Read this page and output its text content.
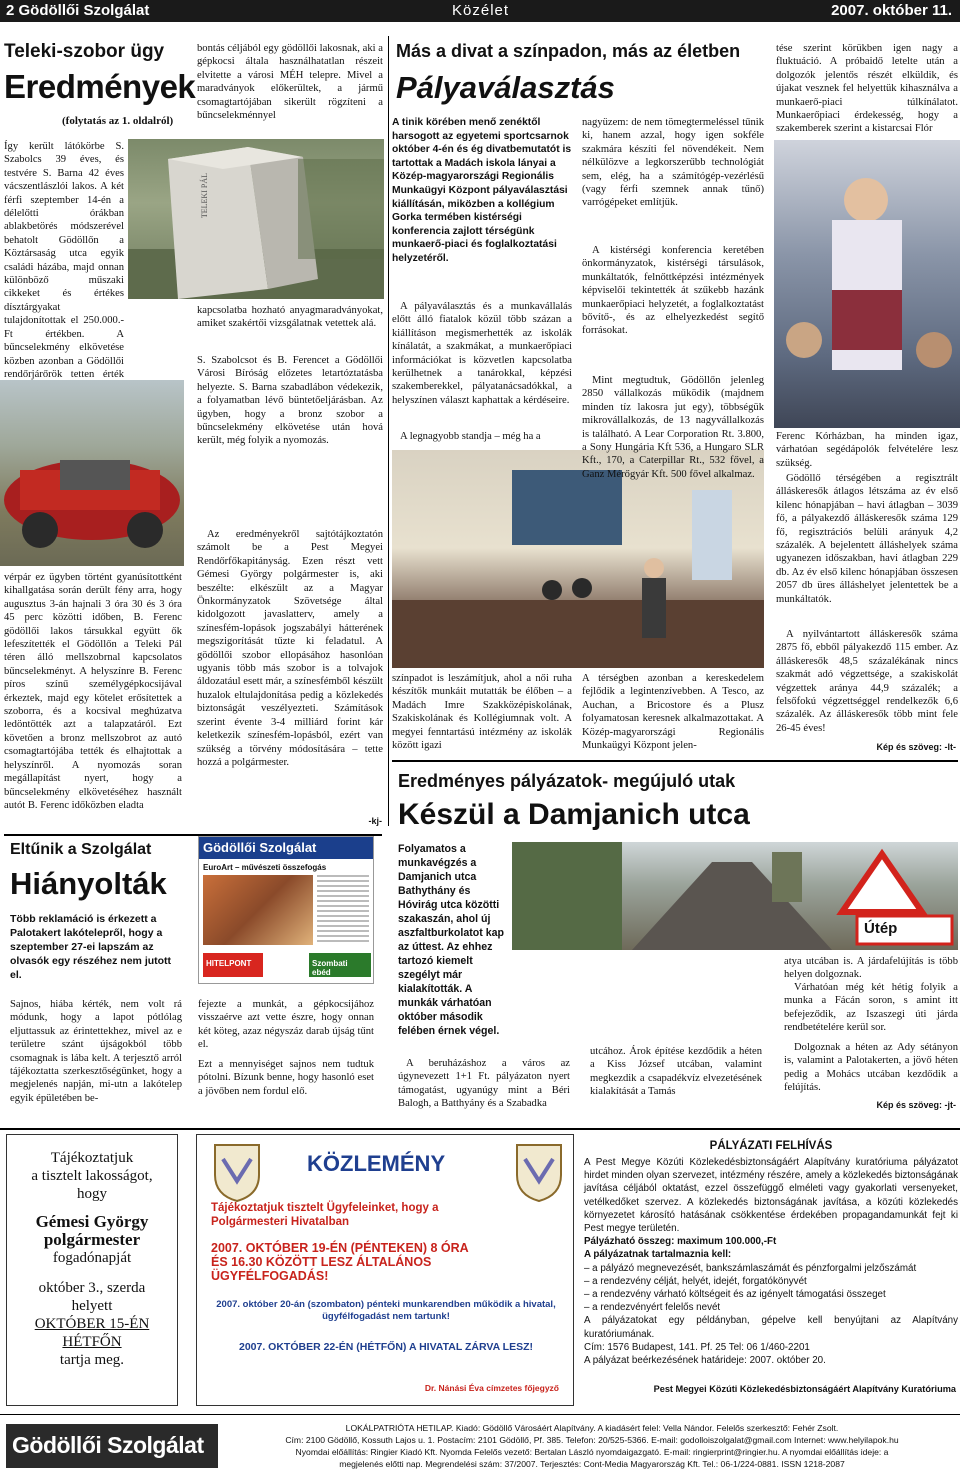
2 Gödöllői Szolgálat	Közélet	2007. október 11.
Teleki-szobor ügy
Eredmények
(folytatás az 1. oldalról)
TELEKI PÁL
Így került látókörbe S. Szabolcs 39 éves, és testvére S. Barna 42 éves vácszentlászlói lakos. A két férfi szeptember 14-én a délelőtti órákban ablakbetörés módszerével behatolt Gödöllőn a Köztársaság utca egyik családi házába, majd onnan különböző műszaki cikkeket és értékes dísztárgyakat tulajdonítottak el 250.000.-Ft értékben. A bűncselekmény elkövetése közben azonban a Gödöllői rendőrjárőrök tetten érték
vérpár ez ügyben történt gyanúsítottként kihallgatása során derült fény arra, hogy augusztus 3-án hajnali 3 óra 30 és 3 óra 45 perc közötti időben, B. Ferenc gödöllői lakos társukkal együtt ők lefeszítették el Gödöllőn a Teleki Pál téren álló mellszobrnal kapcsolatos bűncselekményt. A helyszínre B. Ferenc píros színű személygépkocsijával érkeztek, majd egy kötelet erősítettek a szoborra, és a kocsival meghúzatva ledöntötték azt a talapzatáról. Ezt követően a bronz mellszobrot az autó csomagtartójába tették és elhajtottak a helyszínről. A nyomozás soran megállapítást nyert, hogy a bűncselekmény elkövetéséhez használt autót B. Ferenc időközben eladta
bontás céljából egy gödöllői lakosnak, aki a gépkocsi általa használhatatlan részeit elvitette a városi MÉH telepre. Mivel a maradványok előkerültek, a jármű csomagtartójában sikerült rögzíteni a bűncselekménnyel
kapcsolatba hozható anyagmaradványokat, amiket szakértői vizsgálatnak vetettek alá.
S. Szabolcsot és B. Ferencet a Gödöllői Városi Bíróság előzetes letartóztatásba helyezte. S. Barna szabadlábon védekezik, a folyamatban lévő büntetőeljárásban. Az ügyben, hogy a bronz szobor a bűncselekmény elkövetése után hová került, még folyik a nyomozás.
Az eredményekről sajtótájkoztatón számolt be a Pest Megyei Rendőrfőkapitányság. Ezen részt vett Gémesi György polgármester is, aki beszélte: elkészült az a Magyar Önkormányzatok Szövetsége által kidolgozott javaslatterv, amely a színesfém-lopások jogszabályi hátterének megszigorítását tűzte ki feladatul. A gödöllői szobor ellopásához hasonlóan ugyanis több más szobor is a tolvajok áldozatául esett már, a színesfémből készült huzalok eltulajdonítása pedig a közlekedés biztonságát veszélyezteti. Számítások szerint évente 3-4 milliárd forint kár keletkezik színesfém-lopásból, ezért van szükség a törvény módosítására – tette hozzá a polgármester.
-kj-
Eltűnik a Szolgálat
Hiányolták
Több reklamáció is érkezett a Palotakert lakótelepről, hogy a szeptember 27-ei lapszám az olvasók egy részéhez nem jutott el.
Sajnos, hiába kérték, nem volt rá módunk, hogy a lapot pótlólag eljuttassuk az érintettekhez, mivel az e területre szánt újságokból több csomagnak is lába kelt. A terjesztő arról tájékoztatta szerkesztőségünket, hogy a megjelenés napján, mi-utn a lakótelep egyik épületében be-
Gödöllői Szolgálat
EuroArt – művészeti összefogás
HITELPONT	Szombati ebéd
fejezte a munkát, a gépkocsijához visszaérve azt vette észre, hogy onnan két köteg, azaz négyszáz darab újság tűnt el.
Ezt a mennyiséget sajnos nem tudtuk pótolni. Bízunk benne, hogy hasonló eset a jövőben nem fordul elő.
Más a divat a színpadon, más az életben
Pályaválasztás
A tinik körében menő zenéktől harsogott az egyetemi sportcsarnok október 4-én és ég divatbemutatót is tartottak a Madách iskola lányai a Közép-magyarországi Regionális Munkaügyi Központ pályaválasztási kiállításán, miközben a kollégium Gorka termében kistérségi konferencia zajlott térségünk munkaerő-piaci és foglalkoztatási helyzetéről.
A pályaválasztás és a munkavállalás előtt álló fiatalok közül több százan a kiállításon megismerhették az iskolák kínálatát, a szakmákat, a munkaerőpiaci információkat is közvetlen kapcsolatba kerülhetnek a tanárokkal, képzési szakemberekkel, pályatanácsadókkal, a helyszínen választ kaphattak a kérdéseire.
A legnagyobb standja – még ha a
színpadot is leszámítjuk, ahol a női ruha készítők munkáit mutatták be élőben – a Madách Imre Szakközépiskolának, Szakiskolának és Kollégiumnak volt. A megyei fenntartású intézmény az iskolák között igazi
nagyüzem: de nem tömegtermeléssel tűnik ki, hanem azzal, hogy igen sokféle szakmára készíti fel növendékeit. Nem nélkülözve a legkorszerűbb technológiát sem, elég, ha a számítógép-vezérlésű (vagy férfi szemnek annak tűnő) varrógépeket említjük.
A kistérségi konferencia keretében önkormányzatok, kistérségi társulások, munkáltatók, felnőttképzési intézmények képviselői tekintették át szűkebb hazánk munkaerőpiaci helyzetét, a foglalkoztatást bővítő-, és az elhelyezkedést segítő forrásokat.
Mint megtudtuk, Gödöllőn jelenleg 2850 vállalkozás működik (majdnem minden tíz lakosra jut egy), többségük mikrovállalkozás, de 13 nagyvállalkozás is található. A Lear Corporation Rt. 3.800, a Sony Hungária Kft 536, a Hungaro SLR Kft., 170, a Caterpillar Rt., 532 fővel, a Ganz Mérőgyár Kft. 500 fővel alkalmaz.
A térségben azonban a kereskedelem fejlődik a legintenzívebben. A Tesco, az Auchan, a Bricostore és a Plusz folyamatosan keresnek alkalmazottakat. A Közép-magyarországi Regionális Munkaügyi Központ jelen-
tése szerint körükben igen nagy a fluktuáció. A próbaidő letelte után a dolgozók jelentős részét elküldik, és újakat vesznek fel helyettük kihasználva a munkaerő-piaci túlkínálatot. Munkaerőpiaci érdekesség, hogy a szakemberek szerint a kistarcsai Flór
Ferenc Kórházban, ha minden igaz, várhatóan segédápolók felvételére lesz szükség.
Gödöllő térségében a regisztrált álláskeresők átlagos létszáma az év első kilenc hónapjában – havi átlagban – 3039 fő, a pályakezdő álláskeresők száma 129 fő, regisztrációs belüli arányuk 4,2 százalék. A bejelentett álláshelyek száma ugyanezen időszakban, havi átlagban 229 db. Az év első kilenc hónapjában összesen 2057 db üres álláshelyet jelentettek be a munkáltatók.
A nyilvántartott álláskeresők száma 2875 fő, ebből pályakezdő 115 ember. Az álláskeresők 48,5 százalékának nincs szakmát adó végzettsége, a szakiskolát végzettek aránya 44,9 százalék; a felsőfokú végzettséggel rendelkezők 6,6 százalék. Az álláskeresők több mint fele 26-45 éves!
Kép és szöveg: -lt-
Eredményes pályázatok- megújuló utak
Készül a Damjanich utca
Folyamatos a munkavégzés a Damjanich utca Bathythány és Hóvirág utca közötti szakaszán, ahol új aszfaltburkolatot kap az úttest. Az ehhez tartozó kiemelt szegélyt már kialakították. A munkák várhatóan október második felében érnek végel.
Útép
A beruházáshoz a város az úgynevezett 1+1 Ft. pályázaton nyert támogatást, ugyanúgy mint a Béri Balogh, a Batthyány és a Szabadka
utcához. Árok építése kezdődik a héten a Kiss József utcában, valamint megkezdik a csapadékvíz elvezetésének kialakítását a Tamás
atya utcában is. A járdafelújítás is több helyen dolgoznak.
Várhatóan még két hétig folyik a munka a Fácán soron, s amint itt befejeződik, az Iszaszegi úti járda rendbetételére kerül sor.
Dolgoznak a héten az Ady sétányon is, valamint a Palotakerten, a jövő héten pedig a Mohács utcában kezdődik a felújítás.
Kép és szöveg: -jt-
Tájékoztatjuk
a tisztelt lakosságot,
hogy
Gémesi György
polgármester
fogadónapját
október 3., szerda
helyett
OKTÓBER 15-ÉN
HÉTFŐN
tartja meg.
KÖZLEMÉNY
Tájékoztatjuk tisztelt Ügyfeleinket, hogy a Polgármesteri Hivatalban
2007. OKTÓBER 19-ÉN (PÉNTEKEN) 8 ÓRA ÉS 16.30 KÖZÖTT LESZ ÁLTALÁNOS ÜGYFÉLFOGADÁS!
2007. október 20-án (szombaton) pénteki munkarendben működik a hivatal, ügyfélfogadást nem tartunk!
2007. OKTÓBER 22-ÉN (HÉTFŐN) A HIVATAL ZÁRVA LESZ!
Dr. Nánási Éva címzetes főjegyző
PÁLYÁZATI FELHÍVÁS
A Pest Megye Közúti Közlekedésbiztonságáért Alapítvány kuratóriuma pályázatot hirdet minden olyan szervezet, intézmény részére, amely a közlekedés biztonságának javítása céljából oktatást, ezzel összefüggő elméleti vagy gyakorlati versenyeket, vetélkedőket szervez. A közlekedés biztonságának javítása, a közúti közlekedés környezetet károsító hatásának csökkentése érdekében propagandamunkát fejt ki Pest megye területén.
Pályázható összeg: maximum 100.000,-Ft
A pályázatnak tartalmaznia kell:
– a pályázó megnevezését, bankszámlaszámát és pénzforgalmi jelzőszámát
– a rendezvény célját, helyét, idejét, forgatókönyvét
– a rendezvény várható költségeit és az igényelt támogatási összeget
– a rendezvényért felelős nevét
A pályázatokat egy példányban, gépelve kell benyújtani az Alapítvány kuratóriumának.
Cím: 1576 Budapest, 141. Pf. 25 Tel: 06 1/460-2201
A pályázat beérkezésének határideje: 2007. október 20.
Pest Megyei Közúti Közlekedésbiztonságáért Alapítvány Kuratóriuma
Gödöllői Szolgálat
LOKÁLPATRIÓTA HETILAP. Kiadó: Gödöllő Városáért Alapítvány. A kiadásért felel: Vella Nándor. Felelős szerkesztő: Fehér Zsolt.
Cím: 2100 Gödöllő, Kossuth Lajos u. 1. Postacím: 2101 Gödöllő, Pf. 385. Telefon: 20/525-5366. E-mail: godolloiszolgalat@gmail.com Internet: www.helyilapok.hu
Nyomdai előállítás: Ringier Kiadó Kft. Nyomda Felelős vezető: Bertalan László nyomdaigazgató. E-mail: ringierprint@ringier.hu. A nyomdai előállítás ideje: a
megjelenés előtti nap. Megrendelési szám: 37/2007. Terjesztés: Cont-Media Magyarország Kft. Tel.: 06-1/224-0881. ISSN 1218-2087
